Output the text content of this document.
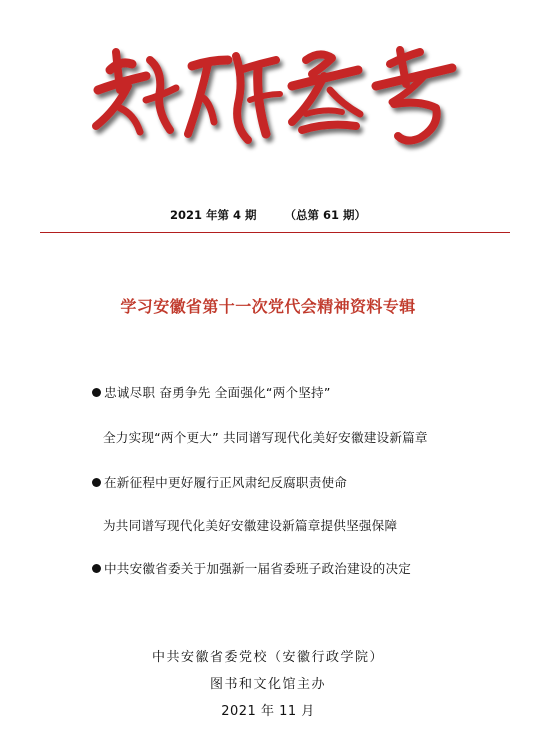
2021 年第 4 期 （总第 61 期）
学习安徽省第十一次党代会精神资料专辑
忠诚尽职 奋勇争先 全面强化“两个坚持”
全力实现“两个更大” 共同谱写现代化美好安徽建设新篇章
在新征程中更好履行正风肃纪反腐职责使命
为共同谱写现代化美好安徽建设新篇章提供坚强保障
中共安徽省委关于加强新一届省委班子政治建设的决定
中共安徽省委党校（安徽行政学院）
图书和文化馆主办
2021 年 11 月
